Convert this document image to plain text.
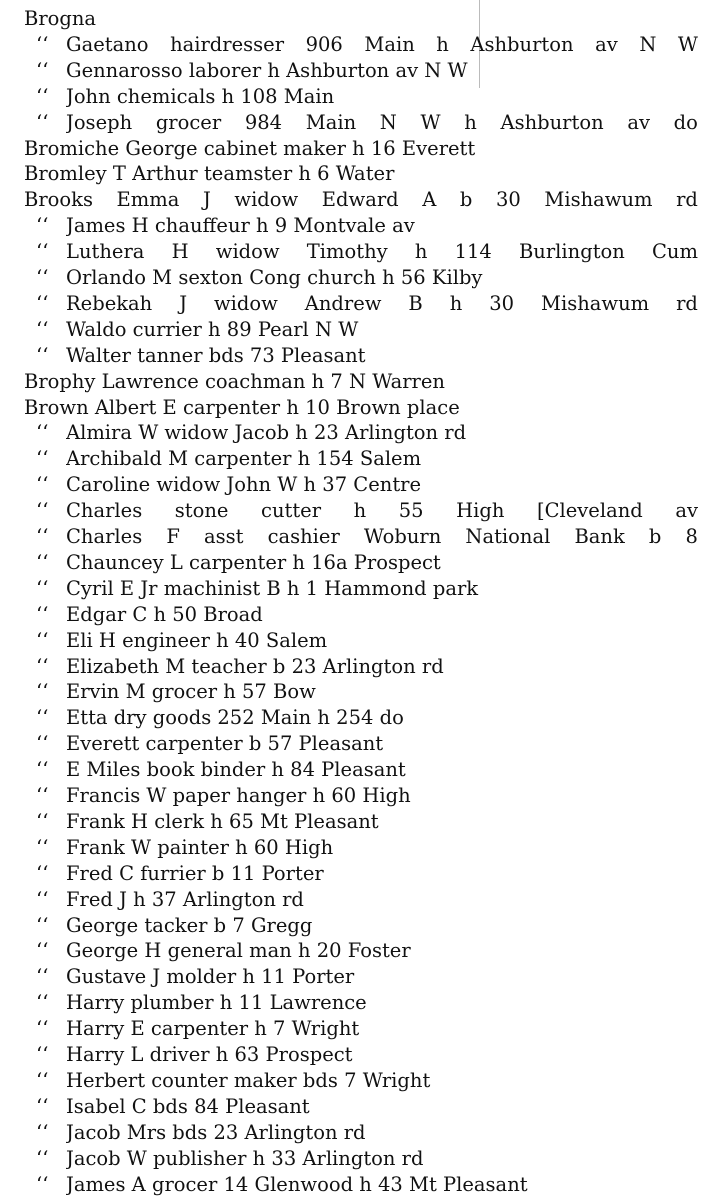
Brogna
‘‘ Gaetano hairdresser 906 Main h Ashburton av N W
‘‘ Gennarosso laborer h Ashburton av N W
‘‘ John chemicals h 108 Main
‘‘ Joseph grocer 984 Main N W h Ashburton av do
Bromiche George cabinet maker h 16 Everett
Bromley T Arthur teamster h 6 Water
Brooks Emma J widow Edward A b 30 Mishawum rd
‘‘ James H chauffeur h 9 Montvale av
‘‘ Luthera H widow Timothy h 114 Burlington Cum
‘‘ Orlando M sexton Cong church h 56 Kilby
‘‘ Rebekah J widow Andrew B h 30 Mishawum rd
‘‘ Waldo currier h 89 Pearl N W
‘‘ Walter tanner bds 73 Pleasant
Brophy Lawrence coachman h 7 N Warren
Brown Albert E carpenter h 10 Brown place
‘‘ Almira W widow Jacob h 23 Arlington rd
‘‘ Archibald M carpenter h 154 Salem
‘‘ Caroline widow John W h 37 Centre
‘‘ Charles stone cutter h 55 High [Cleveland av
‘‘ Charles F asst cashier Woburn National Bank b 8
‘‘ Chauncey L carpenter h 16a Prospect
‘‘ Cyril E Jr machinist B h 1 Hammond park
‘‘ Edgar C h 50 Broad
‘‘ Eli H engineer h 40 Salem
‘‘ Elizabeth M teacher b 23 Arlington rd
‘‘ Ervin M grocer h 57 Bow
‘‘ Etta dry goods 252 Main h 254 do
‘‘ Everett carpenter b 57 Pleasant
‘‘ E Miles book binder h 84 Pleasant
‘‘ Francis W paper hanger h 60 High
‘‘ Frank H clerk h 65 Mt Pleasant
‘‘ Frank W painter h 60 High
‘‘ Fred C furrier b 11 Porter
‘‘ Fred J h 37 Arlington rd
‘‘ George tacker b 7 Gregg
‘‘ George H general man h 20 Foster
‘‘ Gustave J molder h 11 Porter
‘‘ Harry plumber h 11 Lawrence
‘‘ Harry E carpenter h 7 Wright
‘‘ Harry L driver h 63 Prospect
‘‘ Herbert counter maker bds 7 Wright
‘‘ Isabel C bds 84 Pleasant
‘‘ Jacob Mrs bds 23 Arlington rd
‘‘ Jacob W publisher h 33 Arlington rd
‘‘ James A grocer 14 Glenwood h 43 Mt Pleasant
